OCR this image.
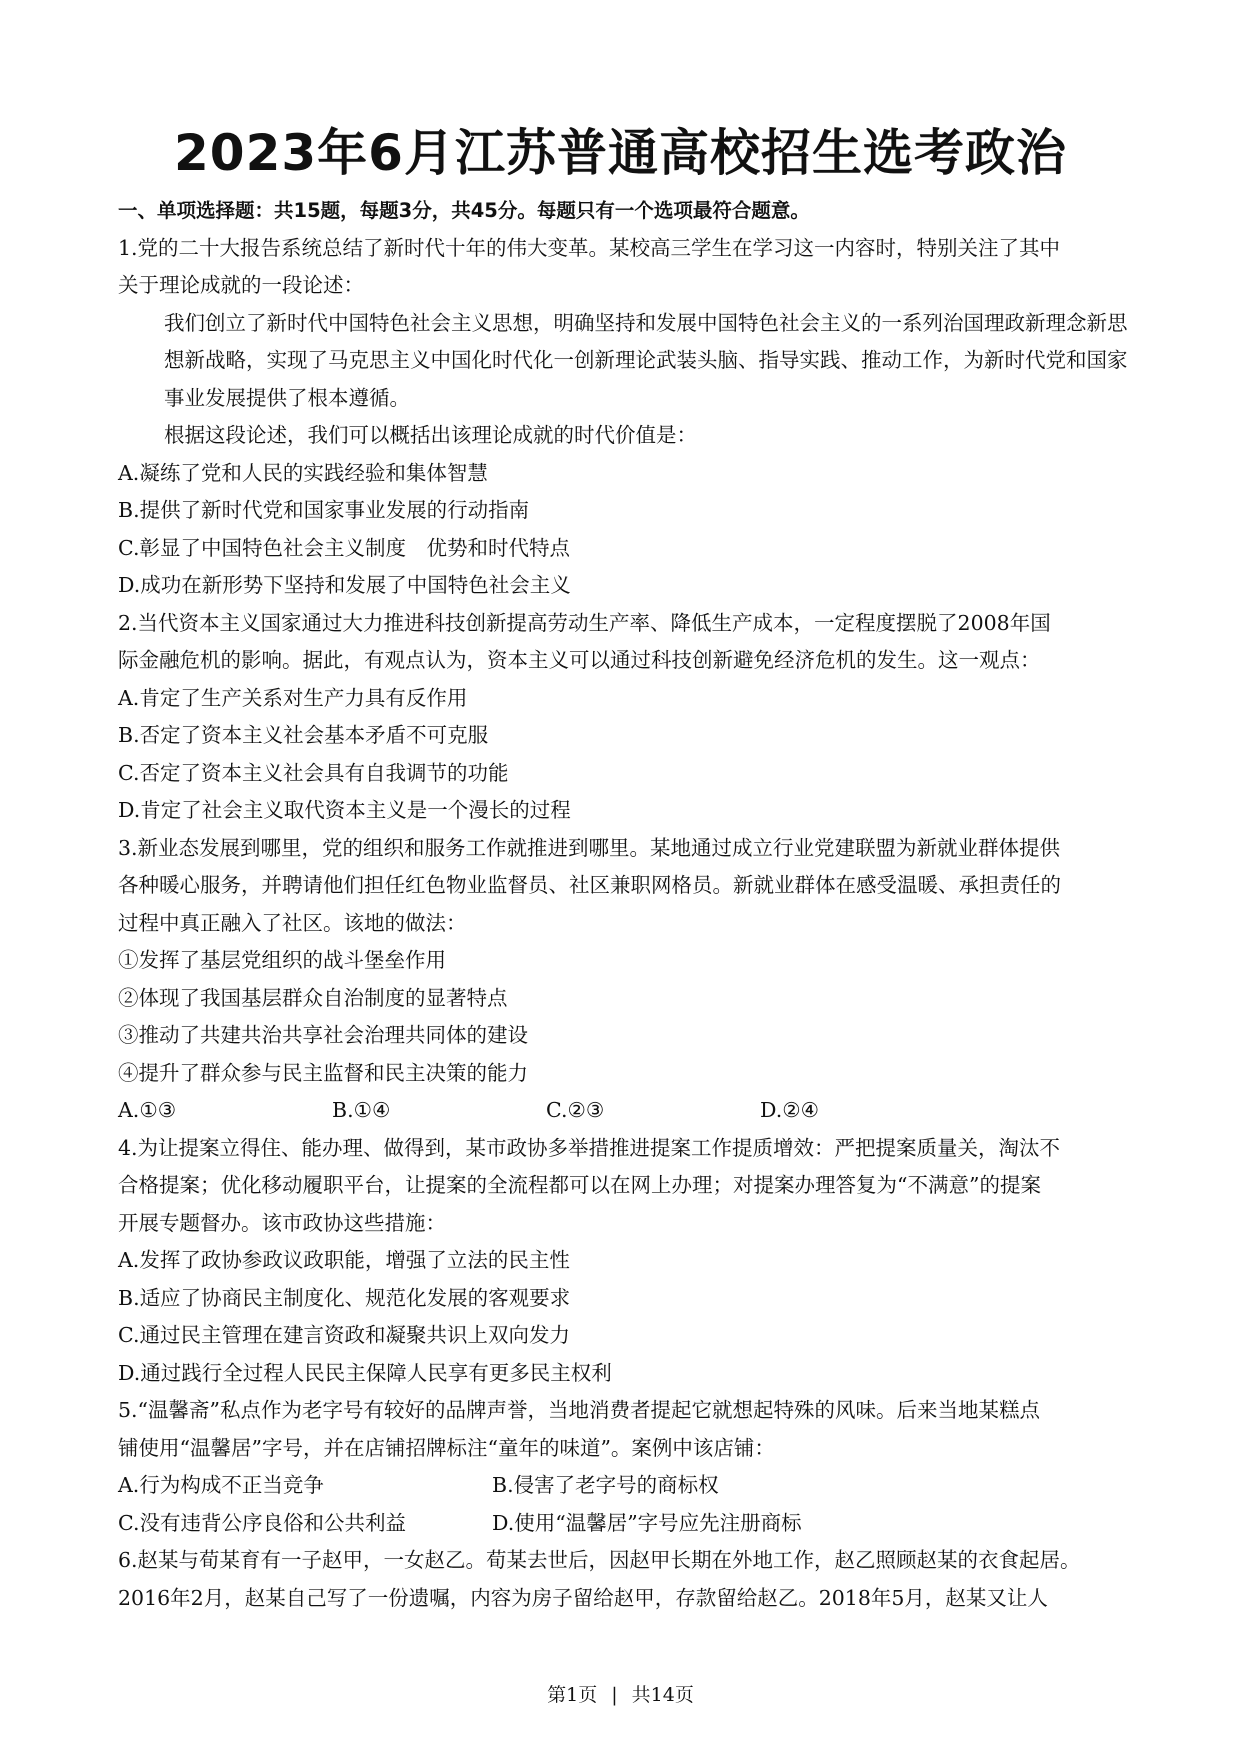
2023年6月江苏普通高校招生选考政治
一、单项选择题：共15题，每题3分，共45分。每题只有一个选项最符合题意。
1.党的二十大报告系统总结了新时代十年的伟大变革。某校高三学生在学习这一内容时，特别关注了其中
关于理论成就的一段论述：
我们创立了新时代中国特色社会主义思想，明确坚持和发展中国特色社会主义的一系列治国理政新理念新思想新战略，实现了马克思主义中国化时代化一创新理论武装头脑、指导实践、推动工作，为新时代党和国家事业发展提供了根本遵循。
根据这段论述，我们可以概括出该理论成就的时代价值是：
A.凝练了党和人民的实践经验和集体智慧
B.提供了新时代党和国家事业发展的行动指南
C.彰显了中国特色社会主义制度　优势和时代特点
D.成功在新形势下坚持和发展了中国特色社会主义
2.当代资本主义国家通过大力推进科技创新提高劳动生产率、降低生产成本，一定程度摆脱了2008年国
际金融危机的影响。据此，有观点认为，资本主义可以通过科技创新避免经济危机的发生。这一观点：
A.肯定了生产关系对生产力具有反作用
B.否定了资本主义社会基本矛盾不可克服
C.否定了资本主义社会具有自我调节的功能
D.肯定了社会主义取代资本主义是一个漫长的过程
3.新业态发展到哪里，党的组织和服务工作就推进到哪里。某地通过成立行业党建联盟为新就业群体提供
各种暖心服务，并聘请他们担任红色物业监督员、社区兼职网格员。新就业群体在感受温暖、承担责任的
过程中真正融入了社区。该地的做法：
①发挥了基层党组织的战斗堡垒作用
②体现了我国基层群众自治制度的显著特点
③推动了共建共治共享社会治理共同体的建设
④提升了群众参与民主监督和民主决策的能力
A.①③	B.①④	C.②③	D.②④
4.为让提案立得住、能办理、做得到，某市政协多举措推进提案工作提质增效：严把提案质量关，淘汰不
合格提案；优化移动履职平台，让提案的全流程都可以在网上办理；对提案办理答复为“不满意”的提案
开展专题督办。该市政协这些措施：
A.发挥了政协参政议政职能，增强了立法的民主性
B.适应了协商民主制度化、规范化发展的客观要求
C.通过民主管理在建言资政和凝聚共识上双向发力
D.通过践行全过程人民民主保障人民享有更多民主权利
5.“温馨斋”私点作为老字号有较好的品牌声誉，当地消费者提起它就想起特殊的风味。后来当地某糕点
铺使用“温馨居”字号，并在店铺招牌标注“童年的味道”。案例中该店铺：
A.行为构成不正当竞争	B.侵害了老字号的商标权
C.没有违背公序良俗和公共利益	D.使用“温馨居”字号应先注册商标
6.赵某与荀某育有一子赵甲，一女赵乙。荀某去世后，因赵甲长期在外地工作，赵乙照顾赵某的衣食起居。
2016年2月，赵某自己写了一份遗嘱，内容为房子留给赵甲，存款留给赵乙。2018年5月，赵某又让人
第1页 | 共14页
